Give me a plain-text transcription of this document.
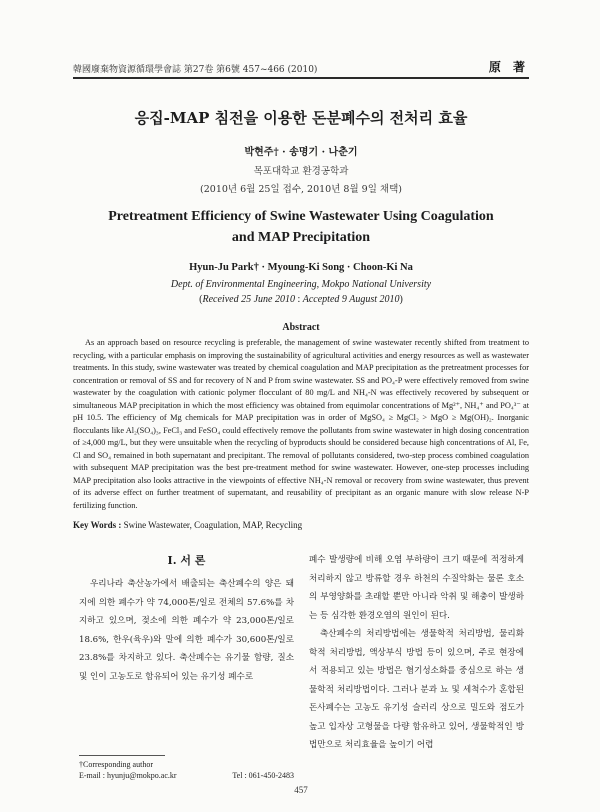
韓國廢棄物資源循環學會誌 第27卷 第6號 457~466 (2010)	原 著
응집-MAP 침전을 이용한 돈분폐수의 전처리 효율
박현주† · 송명기 · 나춘기
목포대학교 환경공학과
(2010년 6월 25일 접수, 2010년 8월 9일 채택)
Pretreatment Efficiency of Swine Wastewater Using Coagulation
and MAP Precipitation
Hyun-Ju Park† · Myoung-Ki Song · Choon-Ki Na
Dept. of Environmental Engineering, Mokpo National University
(Received 25 June 2010 : Accepted 9 August 2010)
Abstract
As an approach based on resource recycling is preferable, the management of swine wastewater recently shifted from treatment to recycling, with a particular emphasis on improving the sustainability of agricultural activities and energy resources as well as wastewater treatments. In this study, swine wastewater was treated by chemical coagulation and MAP precipitation as the pretreatment processes for concentration or removal of SS and for recovery of N and P from swine wastewater. SS and PO₄-P were effectively removed from swine wastewater by the coagulation with cationic polymer flocculant of 80 mg/L and NH₄-N was effectively recovered by subsequent or simultaneous MAP precipitation in which the most efficiency was obtained from equimolar concentrations of Mg²⁺, NH₄⁺ and PO₄³⁻ at pH 10.5. The efficiency of Mg chemicals for MAP precipitation was in order of MgSO₄ ≥ MgCl₂ > MgO ≥ Mg(OH)₂. Inorganic flocculants like Al₂(SO₄)₃, FeCl₃ and FeSO₄ could effectively remove the pollutants from swine wastewater in high dosing concentration of ≥4,000 mg/L, but they were unsuitable when the recycling of byproducts should be considered because high concentrations of Al, Fe, Cl and SO₄ remained in both supernatant and precipitant. The removal of pollutants considered, two-step process combined coagulation with subsequent MAP precipitation was the best pre-treatment method for swine wastewater. However, one-step processes including MAP precipitation also looks attractive in the viewpoints of effective NH₄-N removal or recovery from swine wastewater, thus prevent of its adverse effect on further treatment of supernatant, and reusability of precipitant as an organic manure with slow release N-P fertilizing function.
Key Words : Swine Wastewater, Coagulation, MAP, Recycling
I. 서 론

우리나라 축산농가에서 배출되는 축산폐수의 양은 돼지에 의한 폐수가 약 74,000톤/일로 전체의 57.6%를 차지하고 있으며, 젖소에 의한 폐수가 약 23,000톤/일로 18.6%, 한우(육우)와 말에 의한 폐수가 30,600톤/일로 23.8%를 차지하고 있다. 축산폐수는 유기물 함량, 질소 및 인이 고농도로 함유되어 있는 유기성 폐수로

폐수 발생량에 비해 오염 부하량이 크기 때문에 적정하게 처리하지 않고 방류할 경우 하천의 수질악화는 물론 호소의 부영양화를 초래할 뿐만 아니라 악취 및 해충이 발생하는 등 심각한 환경오염의 원인이 된다.

축산폐수의 처리방법에는 생물학적 처리방법, 물리화학적 처리방법, 액상부식 방법 등이 있으며, 주로 현장에서 적용되고 있는 방법은 혐기성소화를 중심으로 하는 생물학적 처리방법이다. 그러나 분과 뇨 및 세척수가 혼합된 돈사폐수는 고농도 유기성 슬러리 상으로 밀도와 점도가 높고 입자상 고형물을 다량 함유하고 있어, 생물학적인 방법만으로 처리효율을 높이기 어렵

†Corresponding author
E-mail : hyunju@mokpo.ac.kr	Tel : 061-450-2483
457
